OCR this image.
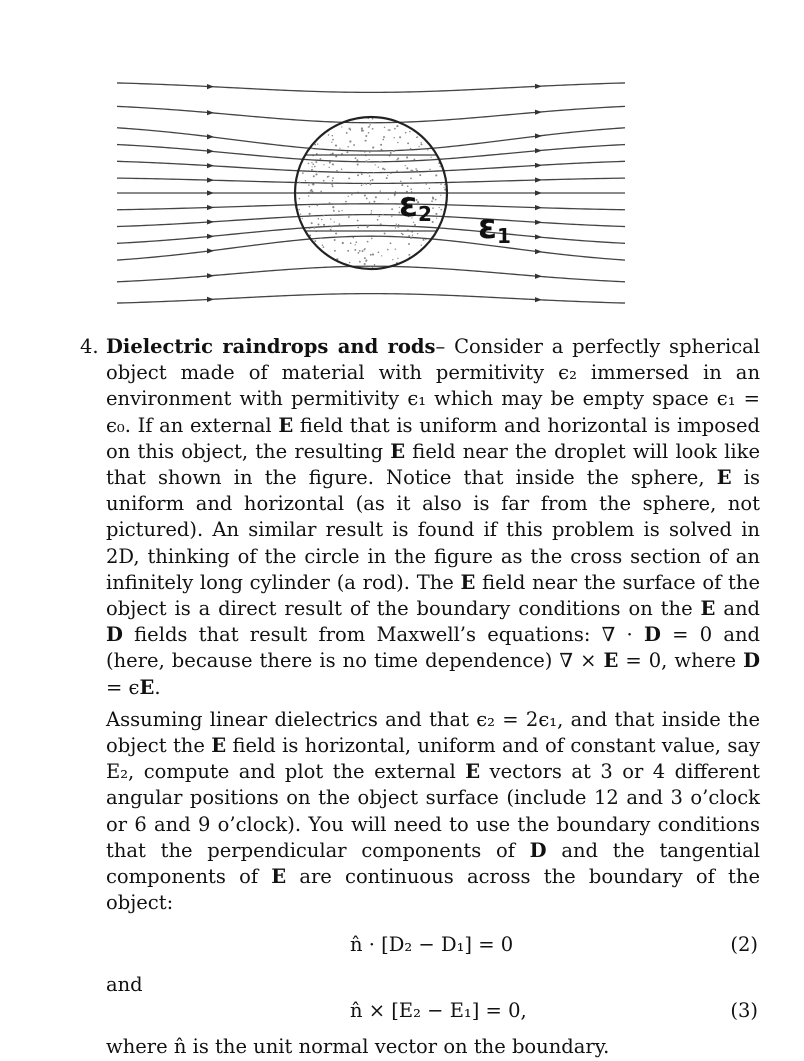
ε2 ε1

4. Dielectric raindrops and rods– Consider a perfectly spherical object made of material with permitivity ϵ₂ immersed in an environment with permitivity ϵ₁ which may be empty space ϵ₁ = ϵ₀. If an external E field that is uniform and horizontal is imposed on this object, the resulting E field near the droplet will look like that shown in the figure. Notice that inside the sphere, E is uniform and horizontal (as it also is far from the sphere, not pictured). An similar result is found if this problem is solved in 2D, thinking of the circle in the figure as the cross section of an infinitely long cylinder (a rod). The E field near the surface of the object is a direct result of the boundary conditions on the E and D fields that result from Maxwell’s equations: ∇ · D = 0 and (here, because there is no time dependence) ∇ × E = 0, where D = ϵE.

Assuming linear dielectrics and that ϵ₂ = 2ϵ₁, and that inside the object the E field is horizontal, uniform and of constant value, say E₂, compute and plot the external E vectors at 3 or 4 different angular positions on the object surface (include 12 and 3 o’clock or 6 and 9 o’clock). You will need to use the boundary conditions that the perpendicular components of D and the tangential components of E are continuous across the boundary of the object:

n̂ · [D₂ − D₁] = 0	(2)
and
n̂ × [E₂ − E₁] = 0,	(3)
where n̂ is the unit normal vector on the boundary.
